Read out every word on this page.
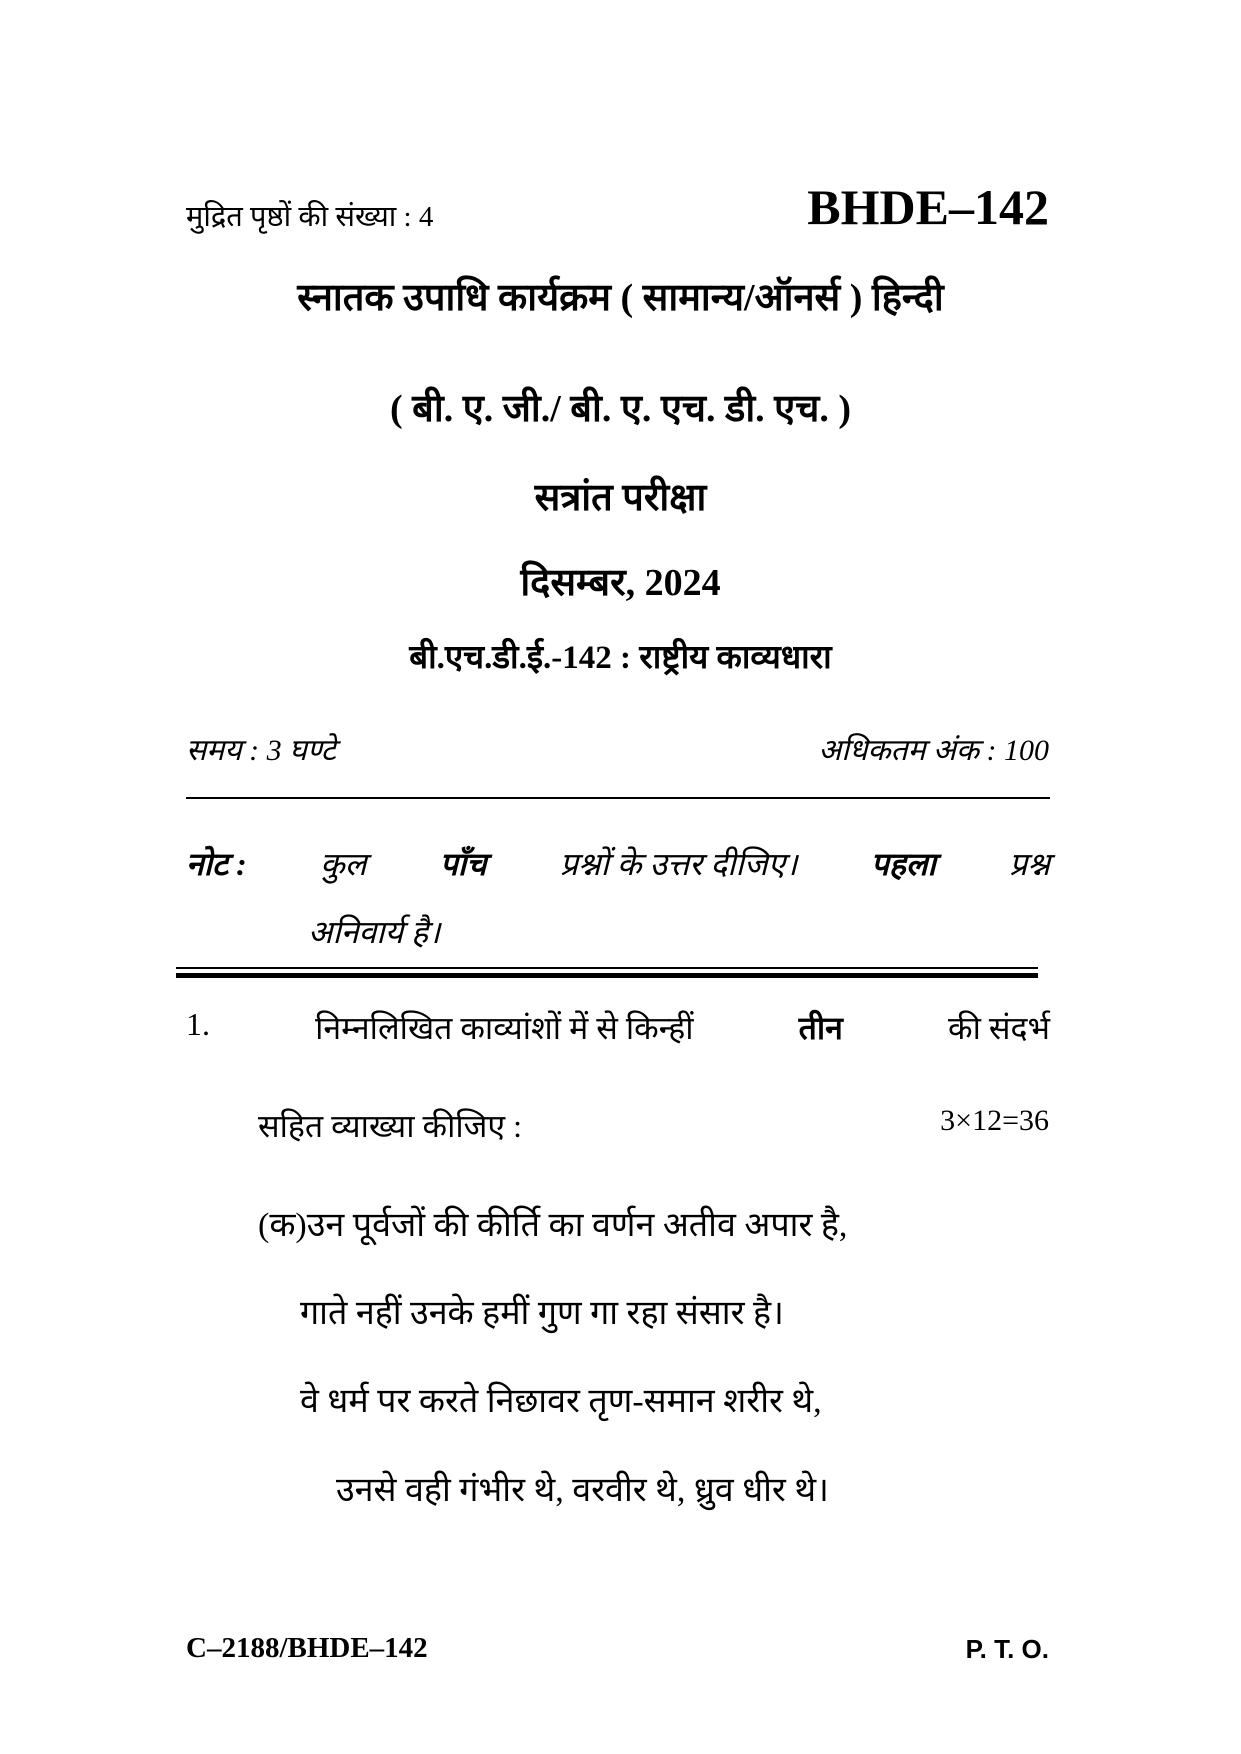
मुद्रित पृष्ठों की संख्या : 4	BHDE–142
स्नातक उपाधि कार्यक्रम ( सामान्य/ऑनर्स ) हिन्दी
( बी. ए. जी./ बी. ए. एच. डी. एच. )
सत्रांत परीक्षा
दिसम्बर, 2024
बी.एच.डी.ई.-142 : राष्ट्रीय काव्यधारा
समय : 3 घण्टे	अधिकतम अंक : 100
नोट : कुल पाँच प्रश्नों के उत्तर दीजिए। पहला प्रश्न
अनिवार्य है।
1.	निम्नलिखित काव्यांशों में से किन्हीं	तीन	की संदर्भ
सहित व्याख्या कीजिए :	3×12=36
(क)उन पूर्वजों की कीर्ति का वर्णन अतीव अपार है,
गाते नहीं उनके हमीं गुण गा रहा संसार है।
वे धर्म पर करते निछावर तृण-समान शरीर थे,
उनसे वही गंभीर थे, वरवीर थे, ध्रुव धीर थे।
C–2188/BHDE–142	P. T. O.
